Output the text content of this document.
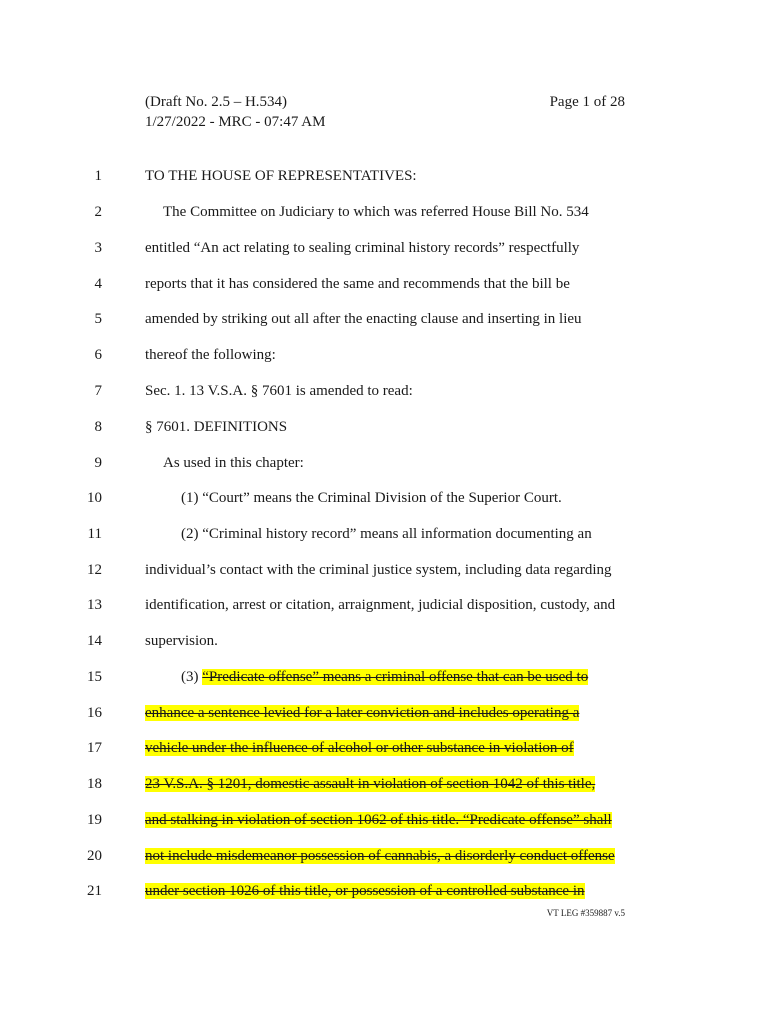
(Draft No. 2.5 – H.534)
1/27/2022 - MRC - 07:47 AM
Page 1 of 28
1	TO THE HOUSE OF REPRESENTATIVES:
2	The Committee on Judiciary to which was referred House Bill No. 534
3	entitled “An act relating to sealing criminal history records” respectfully
4	reports that it has considered the same and recommends that the bill be
5	amended by striking out all after the enacting clause and inserting in lieu
6	thereof the following:
7	Sec. 1. 13 V.S.A. § 7601 is amended to read:
8	§ 7601. DEFINITIONS
9	As used in this chapter:
10	(1) “Court” means the Criminal Division of the Superior Court.
11	(2) “Criminal history record” means all information documenting an
12	individual’s contact with the criminal justice system, including data regarding
13	identification, arrest or citation, arraignment, judicial disposition, custody, and
14	supervision.
15	(3) “Predicate offense” means a criminal offense that can be used to
16	enhance a sentence levied for a later conviction and includes operating a
17	vehicle under the influence of alcohol or other substance in violation of
18	23 V.S.A. § 1201, domestic assault in violation of section 1042 of this title,
19	and stalking in violation of section 1062 of this title. “Predicate offense” shall
20	not include misdemeanor possession of cannabis, a disorderly conduct offense
21	under section 1026 of this title, or possession of a controlled substance in
VT LEG #359887 v.5
